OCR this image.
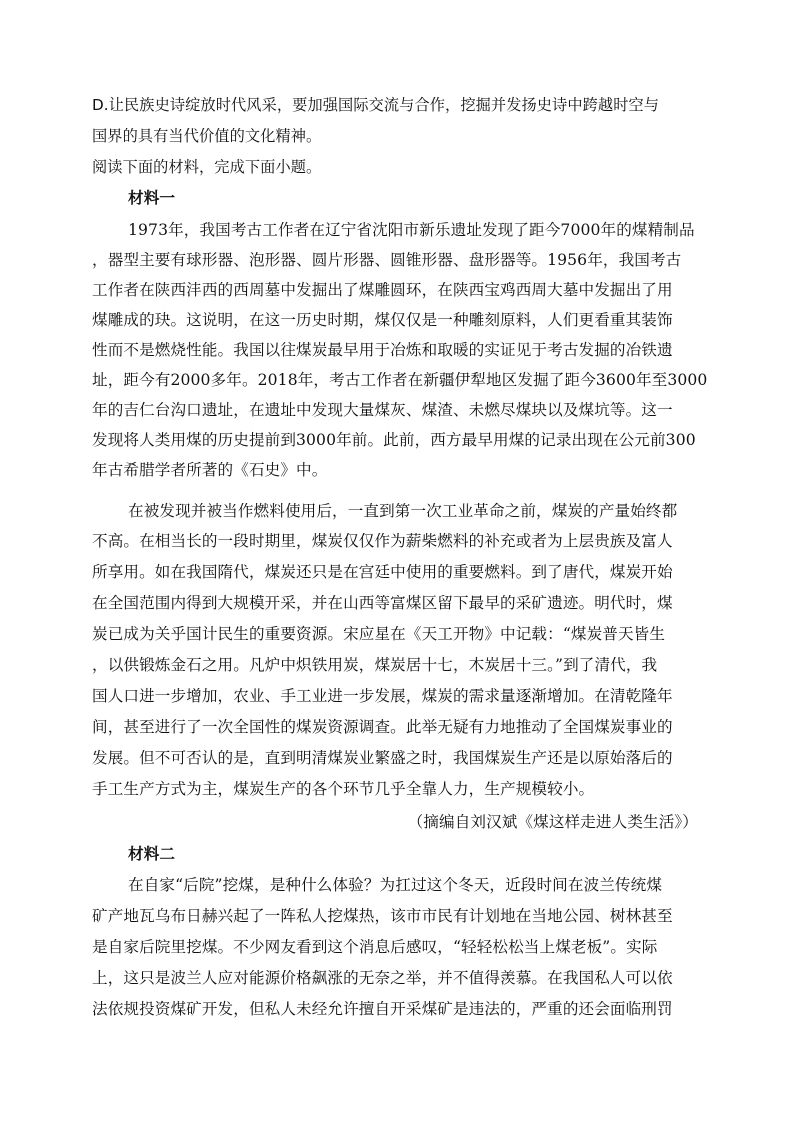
D.让民族史诗绽放时代风采，要加强国际交流与合作，挖掘并发扬史诗中跨越时空与
国界的具有当代价值的文化精神。
阅读下面的材料，完成下面小题。
材料一
1973年，我国考古工作者在辽宁省沈阳市新乐遗址发现了距今7000年的煤精制品
，器型主要有球形器、泡形器、圆片形器、圆锥形器、盘形器等。1956年，我国考古
工作者在陕西沣西的西周墓中发掘出了煤雕圆环，在陕西宝鸡西周大墓中发掘出了用
煤雕成的玦。这说明，在这一历史时期，煤仅仅是一种雕刻原料，人们更看重其装饰
性而不是燃烧性能。我国以往煤炭最早用于冶炼和取暖的实证见于考古发掘的冶铁遗
址，距今有2000多年。2018年，考古工作者在新疆伊犁地区发掘了距今3600年至3000
年的吉仁台沟口遗址，在遗址中发现大量煤灰、煤渣、未燃尽煤块以及煤坑等。这一
发现将人类用煤的历史提前到3000年前。此前，西方最早用煤的记录出现在公元前300
年古希腊学者所著的《石史》中。
在被发现并被当作燃料使用后，一直到第一次工业革命之前，煤炭的产量始终都
不高。在相当长的一段时期里，煤炭仅仅作为薪柴燃料的补充或者为上层贵族及富人
所享用。如在我国隋代，煤炭还只是在宫廷中使用的重要燃料。到了唐代，煤炭开始
在全国范围内得到大规模开采，并在山西等富煤区留下最早的采矿遗迹。明代时，煤
炭已成为关乎国计民生的重要资源。宋应星在《天工开物》中记载：“煤炭普天皆生
，以供锻炼金石之用。凡炉中炽铁用炭，煤炭居十七，木炭居十三。”到了清代，我
国人口进一步增加，农业、手工业进一步发展，煤炭的需求量逐渐增加。在清乾隆年
间，甚至进行了一次全国性的煤炭资源调查。此举无疑有力地推动了全国煤炭事业的
发展。但不可否认的是，直到明清煤炭业繁盛之时，我国煤炭生产还是以原始落后的
手工生产方式为主，煤炭生产的各个环节几乎全靠人力，生产规模较小。
（摘编自刘汉斌《煤这样走进人类生活》）
材料二
在自家“后院”挖煤，是种什么体验？为扛过这个冬天，近段时间在波兰传统煤
矿产地瓦乌布日赫兴起了一阵私人挖煤热，该市市民有计划地在当地公园、树林甚至
是自家后院里挖煤。不少网友看到这个消息后感叹，“轻轻松松当上煤老板”。实际
上，这只是波兰人应对能源价格飙涨的无奈之举，并不值得羡慕。在我国私人可以依
法依规投资煤矿开发，但私人未经允许擅自开采煤矿是违法的，严重的还会面临刑罚
